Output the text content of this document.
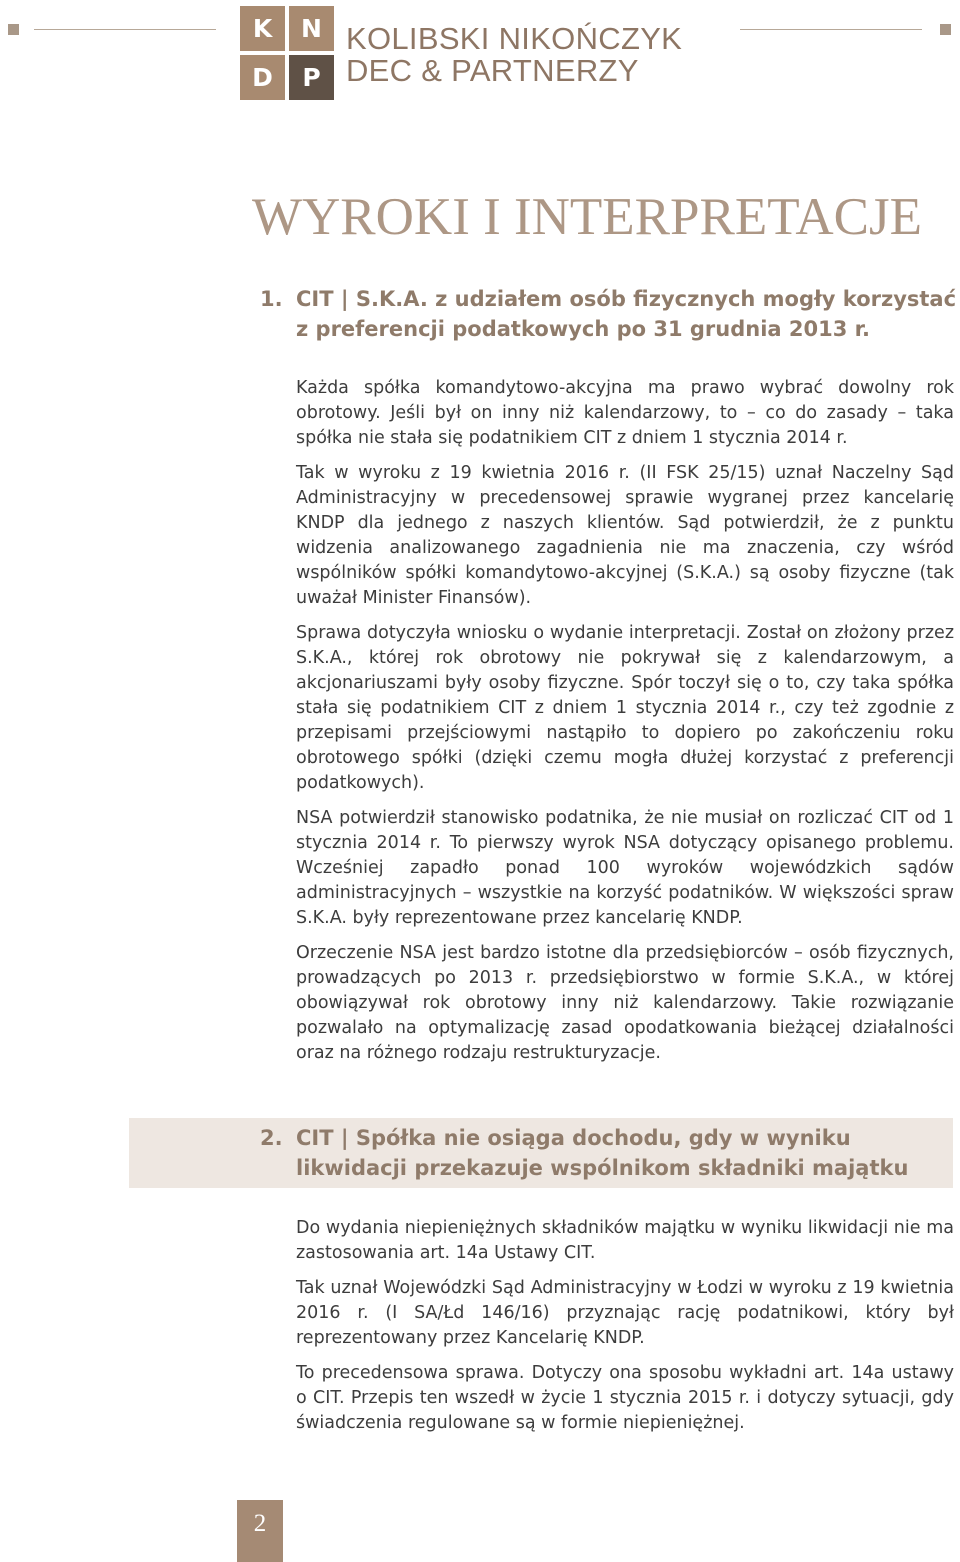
K	N
D	P
KOLIBSKI NIKOŃCZYK
DEC & PARTNERZY
WYROKI I INTERPRETACJE
1. CIT | S.K.A. z udziałem osób fizycznych mogły korzystać
z preferencji podatkowych po 31 grudnia 2013 r.

Każda spółka komandytowo-akcyjna ma prawo wybrać dowolny rok obrotowy. Jeśli był on inny niż kalendarzowy, to – co do zasady – taka spółka nie stała się podatnikiem CIT z dniem 1 stycznia 2014 r.

Tak w wyroku z 19 kwietnia 2016 r. (II FSK 25/15) uznał Naczelny Sąd Administracyjny w precedensowej sprawie wygranej przez kancelarię KNDP dla jednego z naszych klientów. Sąd potwierdził, że z punktu widzenia analizowanego zagadnienia nie ma znaczenia, czy wśród wspólników spółki komandytowo-akcyjnej (S.K.A.) są osoby fizyczne (tak uważał Minister Finansów).

Sprawa dotyczyła wniosku o wydanie interpretacji. Został on złożony przez S.K.A., której rok obrotowy nie pokrywał się z kalendarzowym, a akcjonariuszami były osoby fizyczne. Spór toczył się o to, czy taka spółka stała się podatnikiem CIT z dniem 1 stycznia 2014 r., czy też zgodnie z przepisami przejściowymi nastąpiło to dopiero po zakończeniu roku obrotowego spółki (dzięki czemu mogła dłużej korzystać z preferencji podatkowych).

NSA potwierdził stanowisko podatnika, że nie musiał on rozliczać CIT od 1 stycznia 2014 r. To pierwszy wyrok NSA dotyczący opisanego problemu. Wcześniej zapadło ponad 100 wyroków wojewódzkich sądów administracyjnych – wszystkie na korzyść podatników. W większości spraw S.K.A. były reprezentowane przez kancelarię KNDP.

Orzeczenie NSA jest bardzo istotne dla przedsiębiorców – osób fizycznych, prowadzących po 2013 r. przedsiębiorstwo w formie S.K.A., w której obowiązywał rok obrotowy inny niż kalendarzowy. Takie rozwiązanie pozwalało na optymalizację zasad opodatkowania bieżącej działalności oraz na różnego rodzaju restrukturyzacje.

2. CIT | Spółka nie osiąga dochodu, gdy w wyniku
likwidacji przekazuje wspólnikom składniki majątku

Do wydania niepieniężnych składników majątku w wyniku likwidacji nie ma zastosowania art. 14a Ustawy CIT.

Tak uznał Wojewódzki Sąd Administracyjny w Łodzi w wyroku z 19 kwietnia 2016 r. (I SA/Łd 146/16) przyznając rację podatnikowi, który był reprezentowany przez Kancelarię KNDP.

To precedensowa sprawa. Dotyczy ona sposobu wykładni art. 14a ustawy o CIT. Przepis ten wszedł w życie 1 stycznia 2015 r. i dotyczy sytuacji, gdy świadczenia regulowane są w formie niepieniężnej.

2
